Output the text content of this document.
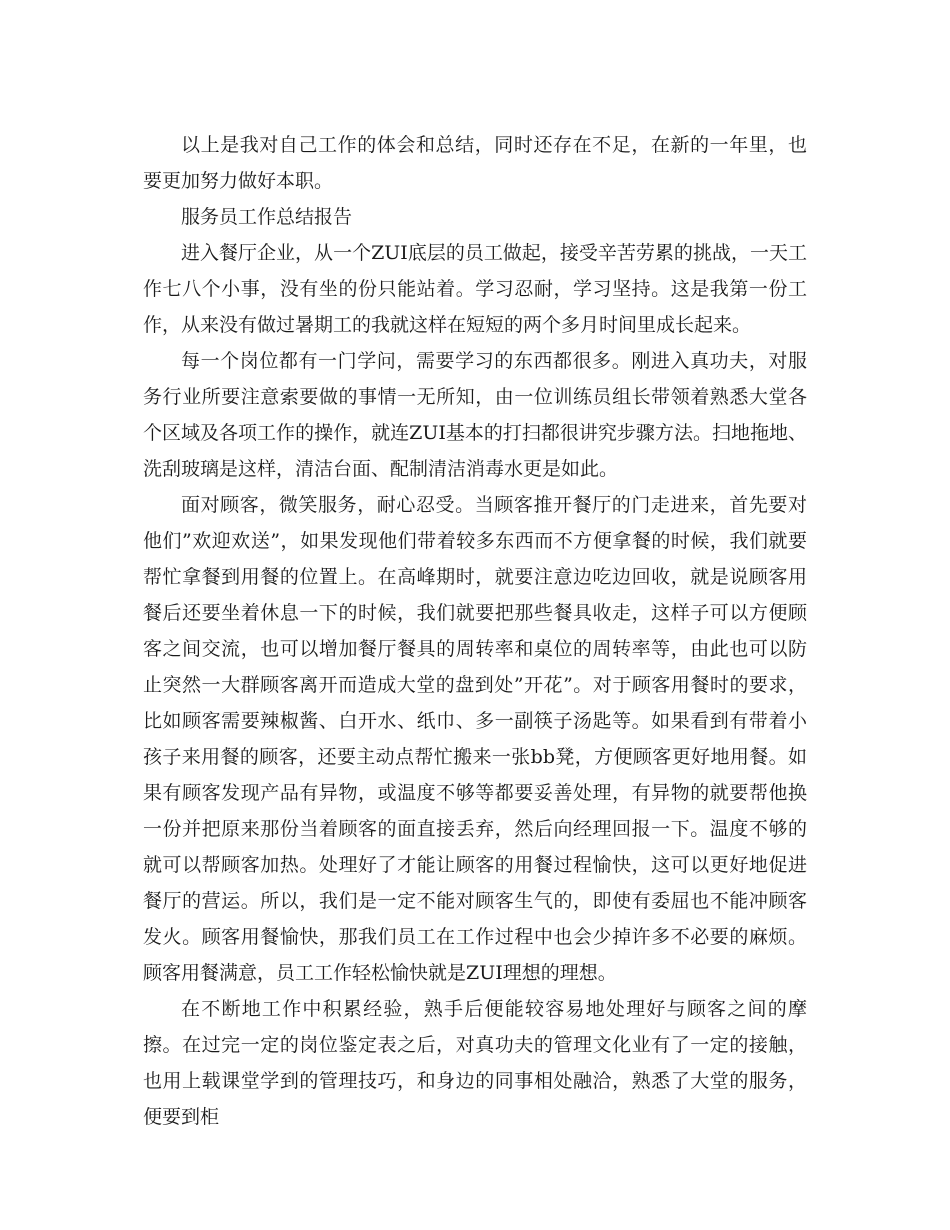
以上是我对自己工作的体会和总结，同时还存在不足，在新的一年里，也要更加努力做好本职。

服务员工作总结报告

进入餐厅企业，从一个ZUI底层的员工做起，接受辛苦劳累的挑战，一天工作七八个小事，没有坐的份只能站着。学习忍耐，学习坚持。这是我第一份工作，从来没有做过暑期工的我就这样在短短的两个多月时间里成长起来。

每一个岗位都有一门学问，需要学习的东西都很多。刚进入真功夫，对服务行业所要注意索要做的事情一无所知，由一位训练员组长带领着熟悉大堂各个区域及各项工作的操作，就连ZUI基本的打扫都很讲究步骤方法。扫地拖地、洗刮玻璃是这样，清洁台面、配制清洁消毒水更是如此。

面对顾客，微笑服务，耐心忍受。当顾客推开餐厅的门走进来，首先要对他们”欢迎欢送”，如果发现他们带着较多东西而不方便拿餐的时候，我们就要帮忙拿餐到用餐的位置上。在高峰期时，就要注意边吃边回收，就是说顾客用餐后还要坐着休息一下的时候，我们就要把那些餐具收走，这样子可以方便顾客之间交流，也可以增加餐厅餐具的周转率和桌位的周转率等，由此也可以防止突然一大群顾客离开而造成大堂的盘到处”开花”。对于顾客用餐时的要求，比如顾客需要辣椒酱、白开水、纸巾、多一副筷子汤匙等。如果看到有带着小孩子来用餐的顾客，还要主动点帮忙搬来一张bb凳，方便顾客更好地用餐。如果有顾客发现产品有异物，或温度不够等都要妥善处理，有异物的就要帮他换一份并把原来那份当着顾客的面直接丢弃，然后向经理回报一下。温度不够的就可以帮顾客加热。处理好了才能让顾客的用餐过程愉快，这可以更好地促进餐厅的营运。所以，我们是一定不能对顾客生气的，即使有委屈也不能冲顾客发火。顾客用餐愉快，那我们员工在工作过程中也会少掉许多不必要的麻烦。顾客用餐满意，员工工作轻松愉快就是ZUI理想的理想。

在不断地工作中积累经验，熟手后便能较容易地处理好与顾客之间的摩擦。在过完一定的岗位鉴定表之后，对真功夫的管理文化业有了一定的接触，也用上载课堂学到的管理技巧，和身边的同事相处融洽，熟悉了大堂的服务，便要到柜
